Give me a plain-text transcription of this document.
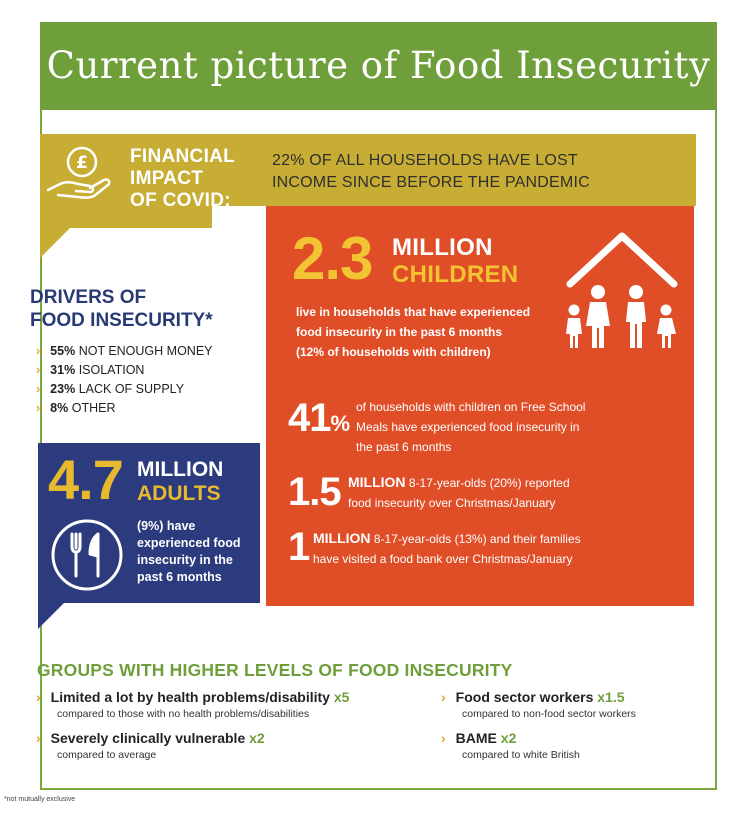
Current picture of Food Insecurity
£ FINANCIAL
IMPACT
OF COVID:
22% OF ALL HOUSEHOLDS HAVE LOST
INCOME SINCE BEFORE THE PANDEMIC
DRIVERS OF
FOOD INSECURITY*
› 55% NOT ENOUGH MONEY
› 31% ISOLATION
› 23% LACK OF SUPPLY
› 8% OTHER
4.7 MILLION
ADULTS
(9%) have
experienced food
insecurity in the
past 6 months
2.3 MILLION
CHILDREN
live in households that have experienced
food insecurity in the past 6 months
(12% of households with children)
41%
of households with children on Free School
Meals have experienced food insecurity in
the past 6 months
1.5 MILLION 8-17-year-olds (20%) reported
food insecurity over Christmas/January
1 MILLION 8-17-year-olds (13%) and their families
have visited a food bank over Christmas/January
GROUPS WITH HIGHER LEVELS OF FOOD INSECURITY
› Limited a lot by health problems/disability x5
compared to those with no health problems/disabilities
› Severely clinically vulnerable x2
compared to average
› Food sector workers x1.5
compared to non-food sector workers
› BAME x2
compared to white British
*not mutually exclusive
